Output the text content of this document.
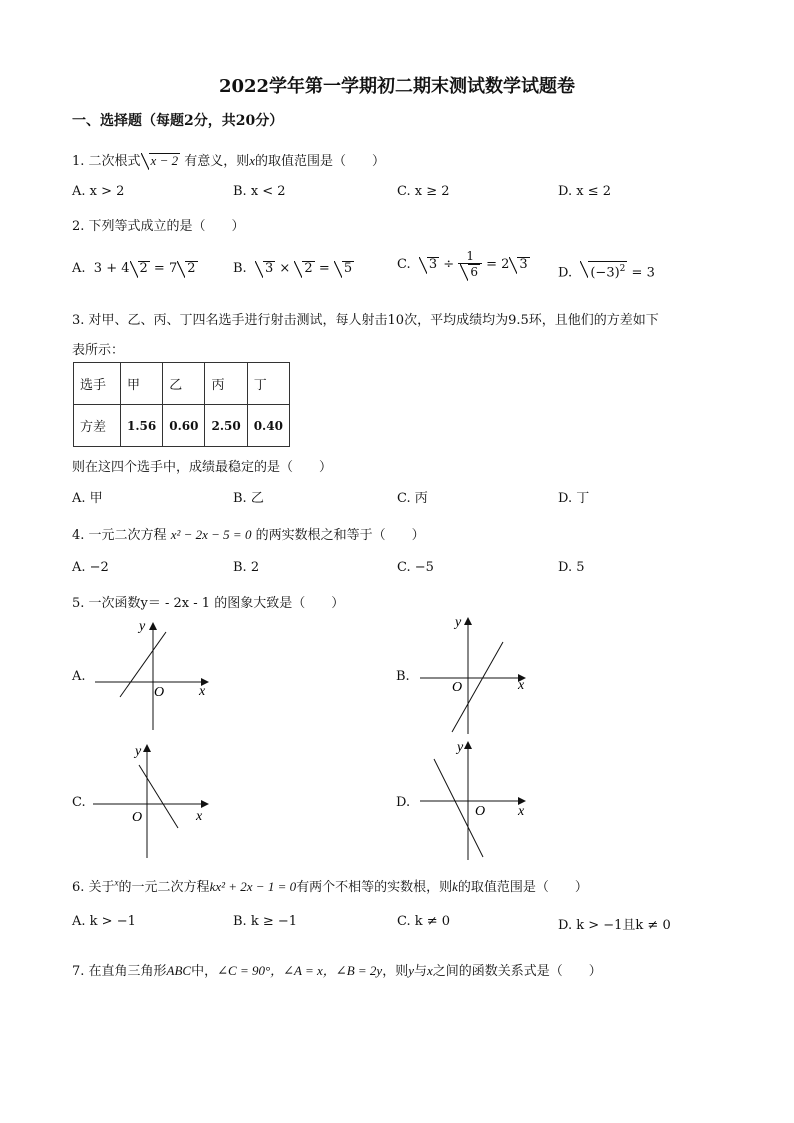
2022学年第一学期初二期末测试数学试题卷
一、选择题（每题2分，共20分）
1. 二次根式 x − 2 有意义，则x的取值范围是（　　）
A. x > 2	B. x < 2	C. x ≥ 2	D. x ≤ 2
2. 下列等式成立的是（　　）
A. 3 + 4 2 = 7 2	B. 3 × 2 = 5	C. $3 \div \frac{1}{6} = 2$ 3
D. $(-3)^2 = 3$
3. 对甲、乙、丙、丁四名选手进行射击测试，每人射击10次，平均成绩均为9.5环，且他们的方差如下
表所示：
选手	甲	乙	丙	丁
方差	1.56	0.60	2.50	0.40
则在这四个选手中，成绩最稳定的是（　　）
A. 甲	B. 乙	C. 丙	D. 丁
4. 一元二次方程 x² − 2x − 5 = 0 的两实数根之和等于（　　）
A. −2	B. 2	C. −5	D. 5
5. 一次函数y＝ - 2x - 1 的图象大致是（　　）
A.
x
y
O
B.
x
y
O
C.
x
y
O
D.
x
y
O
6. 关于$^x$的一元二次方程kx² + 2x − 1 = 0有两个不相等的实数根，则k的取值范围是（　　）
A. k > −1	B. k ≥ −1	C. k ≠ 0	D. k > −1且k ≠ 0
7. 在直角三角形ABC中，∠C = 90°，∠A = x，∠B = 2y，则y与x之间的函数关系式是（　　）
